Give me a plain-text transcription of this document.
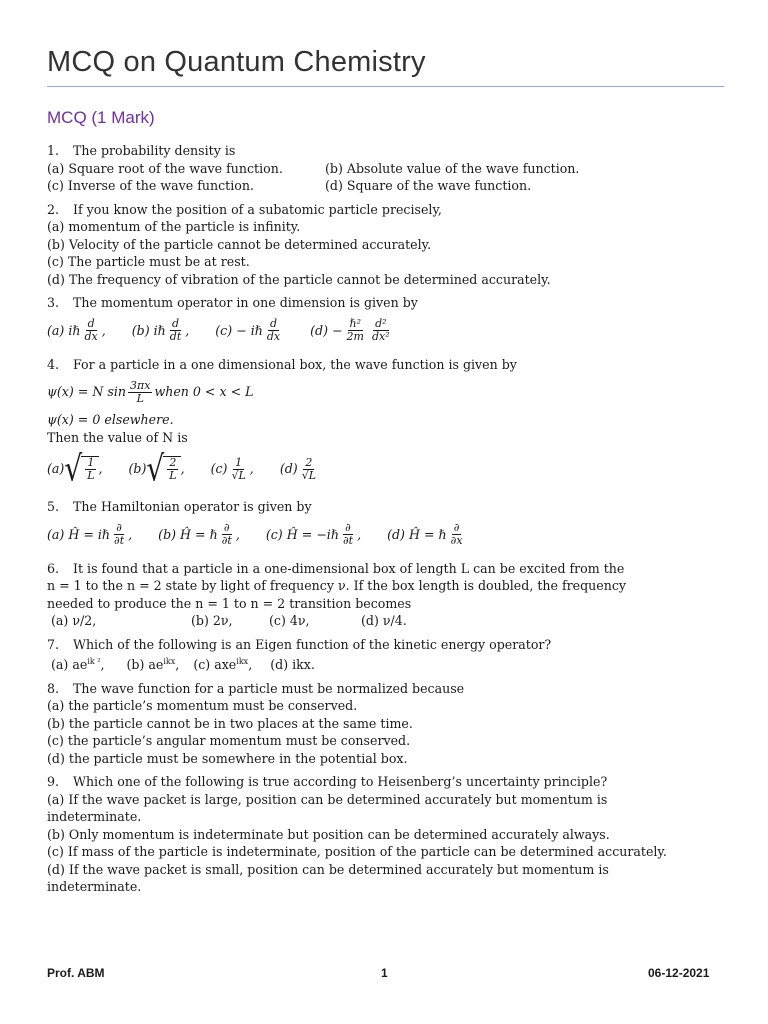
MCQ on Quantum Chemistry
MCQ (1 Mark)
1. The probability density is
(a) Square root of the wave function.	(b) Absolute value of the wave function.
(c) Inverse of the wave function.	(d) Square of the wave function.
2. If you know the position of a subatomic particle precisely,
(a) momentum of the particle is infinity.
(b) Velocity of the particle cannot be determined accurately.
(c) The particle must be at rest.
(d) The frequency of vibration of the particle cannot be determined accurately.
3. The momentum operator in one dimension is given by
(a) iℏ $\frac{d}{dx}$ , (b) iℏ $\frac{d}{dt}$ , (c) − iℏ $\frac{d}{dx} (d) - \frac{\text{ℏ²}}{2m} \frac{\text{d²}}{\text{dx²}}$
4. For a particle in a one dimensional box, the wave function is given by
ψ(x) = N $\sin \frac{3\pi x}{L}$ when 0 < x < L
ψ(x) = 0 elsewhere.
Then the value of N is
(a) √ $\frac{1}{L}$ , (b) √ $\frac{2}{L}$ , $(c) \frac{1}{√L}$ , $(d) \frac{2}{√L}$
5. The Hamiltonian operator is given by
(a) Ĥ = iℏ $\frac{\partial}{\partial t}$ , (b) Ĥ = ℏ $\frac{\partial}{\partial t}$ , (c) Ĥ = −iℏ $\frac{\partial}{\partial t}$ , (d) Ĥ = ℏ $\frac{\partial}{\partial x}$
6. It is found that a particle in a one-dimensional box of length L can be excited from the
n = 1 to the n = 2 state by light of frequency ν. If the box length is doubled, the frequency
needed to produce the n = 1 to n = 2 transition becomes
(a) ν/2,	(b) 2ν,	(c) 4ν,	(d) ν/4.
7. Which of the following is an Eigen function of the kinetic energy operator?
(a) $ae^{ik ^2}$, (b) $ae^{ikx}$, (c) axe$^{ikx}$, (d) ikx.
8. The wave function for a particle must be normalized because
(a) the particle’s momentum must be conserved.
(b) the particle cannot be in two places at the same time.
(c) the particle’s angular momentum must be conserved.
(d) the particle must be somewhere in the potential box.
9. Which one of the following is true according to Heisenberg’s uncertainty principle?
(a) If the wave packet is large, position can be determined accurately but momentum is indeterminate.
(b) Only momentum is indeterminate but position can be determined accurately always.
(c) If mass of the particle is indeterminate, position of the particle can be determined accurately.
(d) If the wave packet is small, position can be determined accurately but momentum is indeterminate.
Prof. ABM	1	06-12-2021
